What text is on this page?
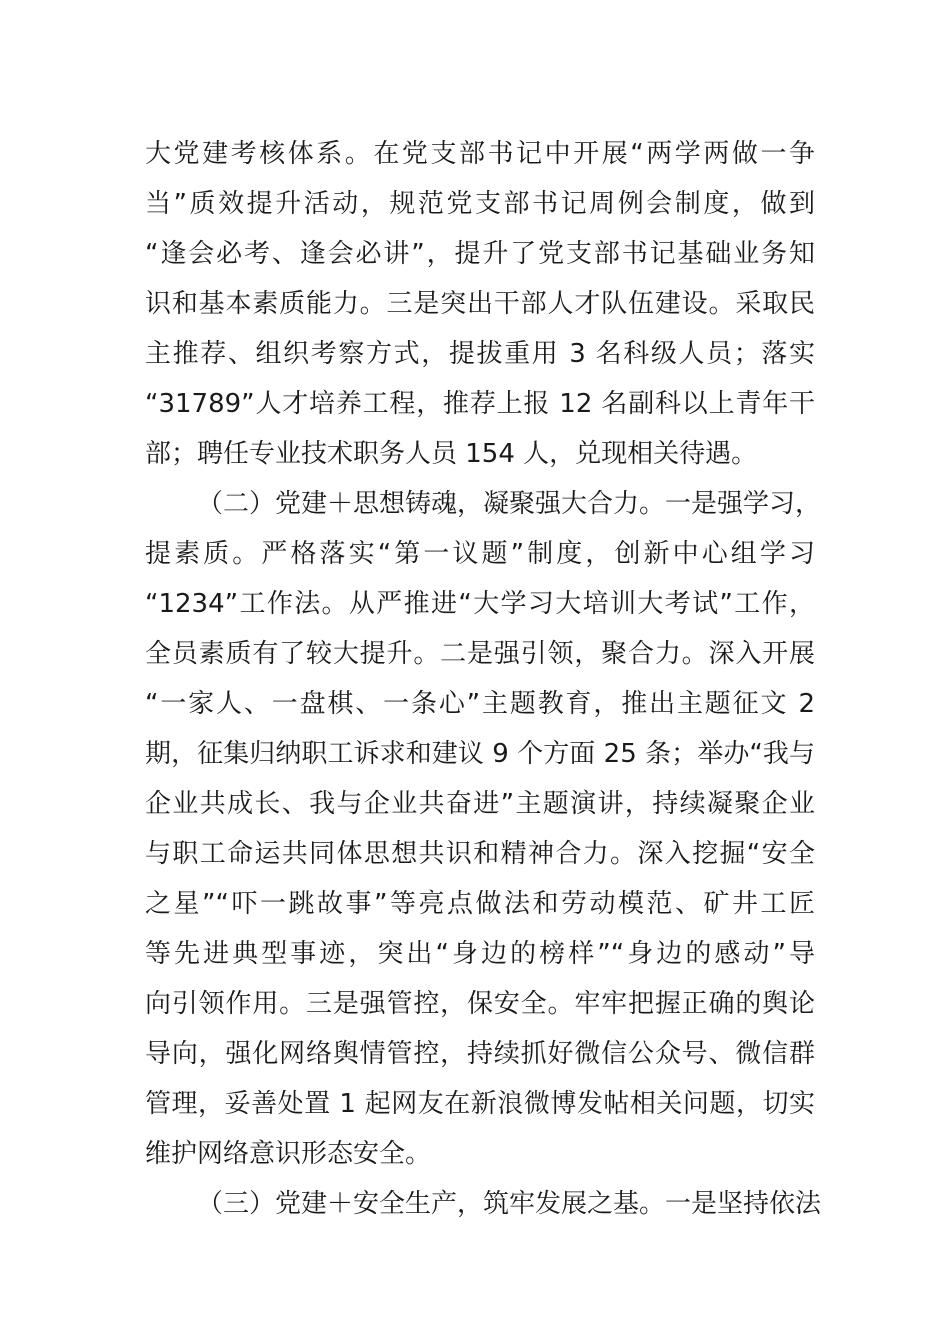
大党建考核体系。在党支部书记中开展“两学两做一争

当”质效提升活动，规范党支部书记周例会制度，做到

“逢会必考、逢会必讲”，提升了党支部书记基础业务知

识和基本素质能力。三是突出干部人才队伍建设。采取民

主推荐、组织考察方式，提拔重用 3 名科级人员；落实

“31789”人才培养工程，推荐上报 12 名副科以上青年干

部；聘任专业技术职务人员 154 人，兑现相关待遇。

（二）党建＋思想铸魂，凝聚强大合力。一是强学习，

提素质。严格落实“第一议题”制度，创新中心组学习

“1234”工作法。从严推进“大学习大培训大考试”工作，

全员素质有了较大提升。二是强引领，聚合力。深入开展

“一家人、一盘棋、一条心”主题教育，推出主题征文 2

期，征集归纳职工诉求和建议 9 个方面 25 条；举办“我与

企业共成长、我与企业共奋进”主题演讲，持续凝聚企业

与职工命运共同体思想共识和精神合力。深入挖掘“安全

之星”“吓一跳故事”等亮点做法和劳动模范、矿井工匠

等先进典型事迹，突出“身边的榜样”“身边的感动”导

向引领作用。三是强管控，保安全。牢牢把握正确的舆论

导向，强化网络舆情管控，持续抓好微信公众号、微信群

管理，妥善处置 1 起网友在新浪微博发帖相关问题，切实

维护网络意识形态安全。

（三）党建＋安全生产，筑牢发展之基。一是坚持依法
